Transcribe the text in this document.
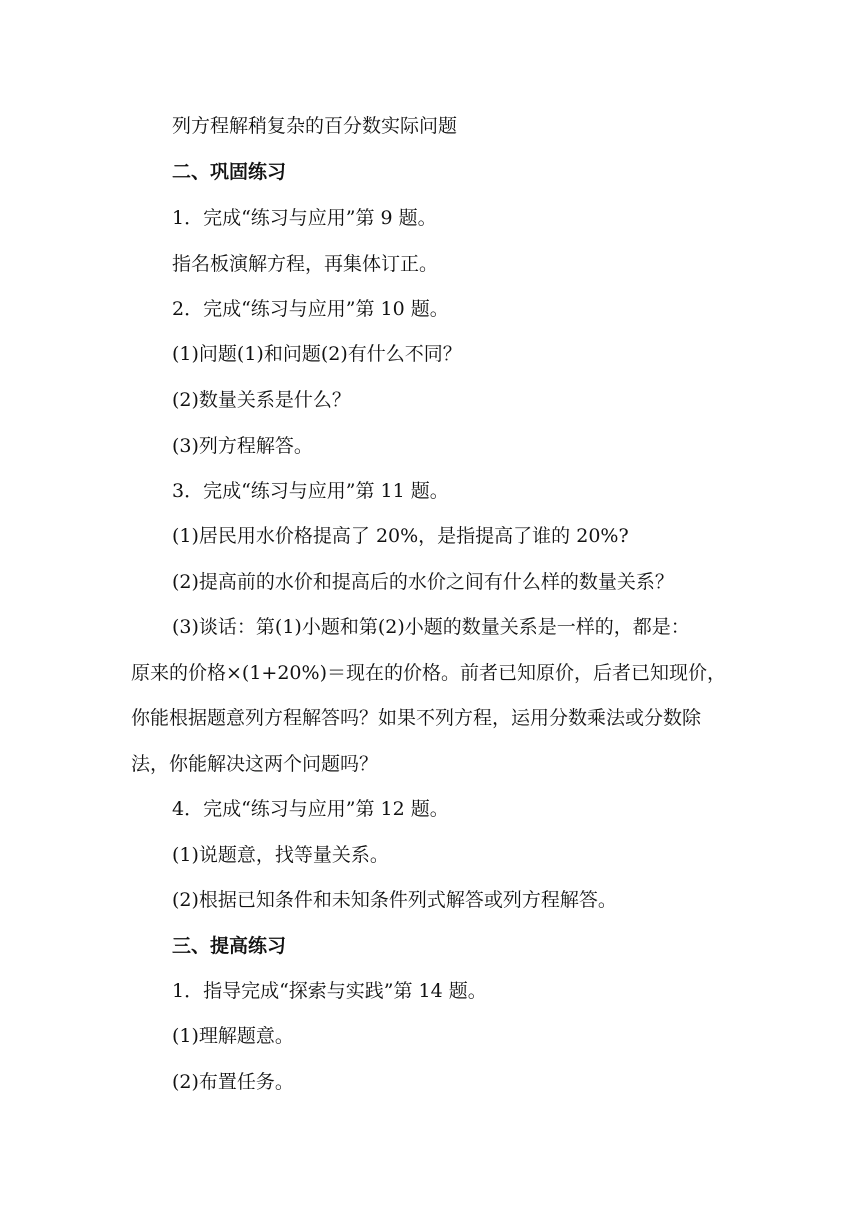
列方程解稍复杂的百分数实际问题
二、巩固练习
1．完成“练习与应用”第 9 题。
指名板演解方程，再集体订正。
2．完成“练习与应用”第 10 题。
(1)问题(1)和问题(2)有什么不同？
(2)数量关系是什么？
(3)列方程解答。
3．完成“练习与应用”第 11 题。
(1)居民用水价格提高了 20%，是指提高了谁的 20%?
(2)提高前的水价和提高后的水价之间有什么样的数量关系？
(3)谈话：第(1)小题和第(2)小题的数量关系是一样的，都是：
原来的价格×(1+20%)＝现在的价格。前者已知原价，后者已知现价，
你能根据题意列方程解答吗？如果不列方程，运用分数乘法或分数除
法，你能解决这两个问题吗？
4．完成“练习与应用”第 12 题。
(1)说题意，找等量关系。
(2)根据已知条件和未知条件列式解答或列方程解答。
三、提高练习
1．指导完成“探索与实践”第 14 题。
(1)理解题意。
(2)布置任务。
